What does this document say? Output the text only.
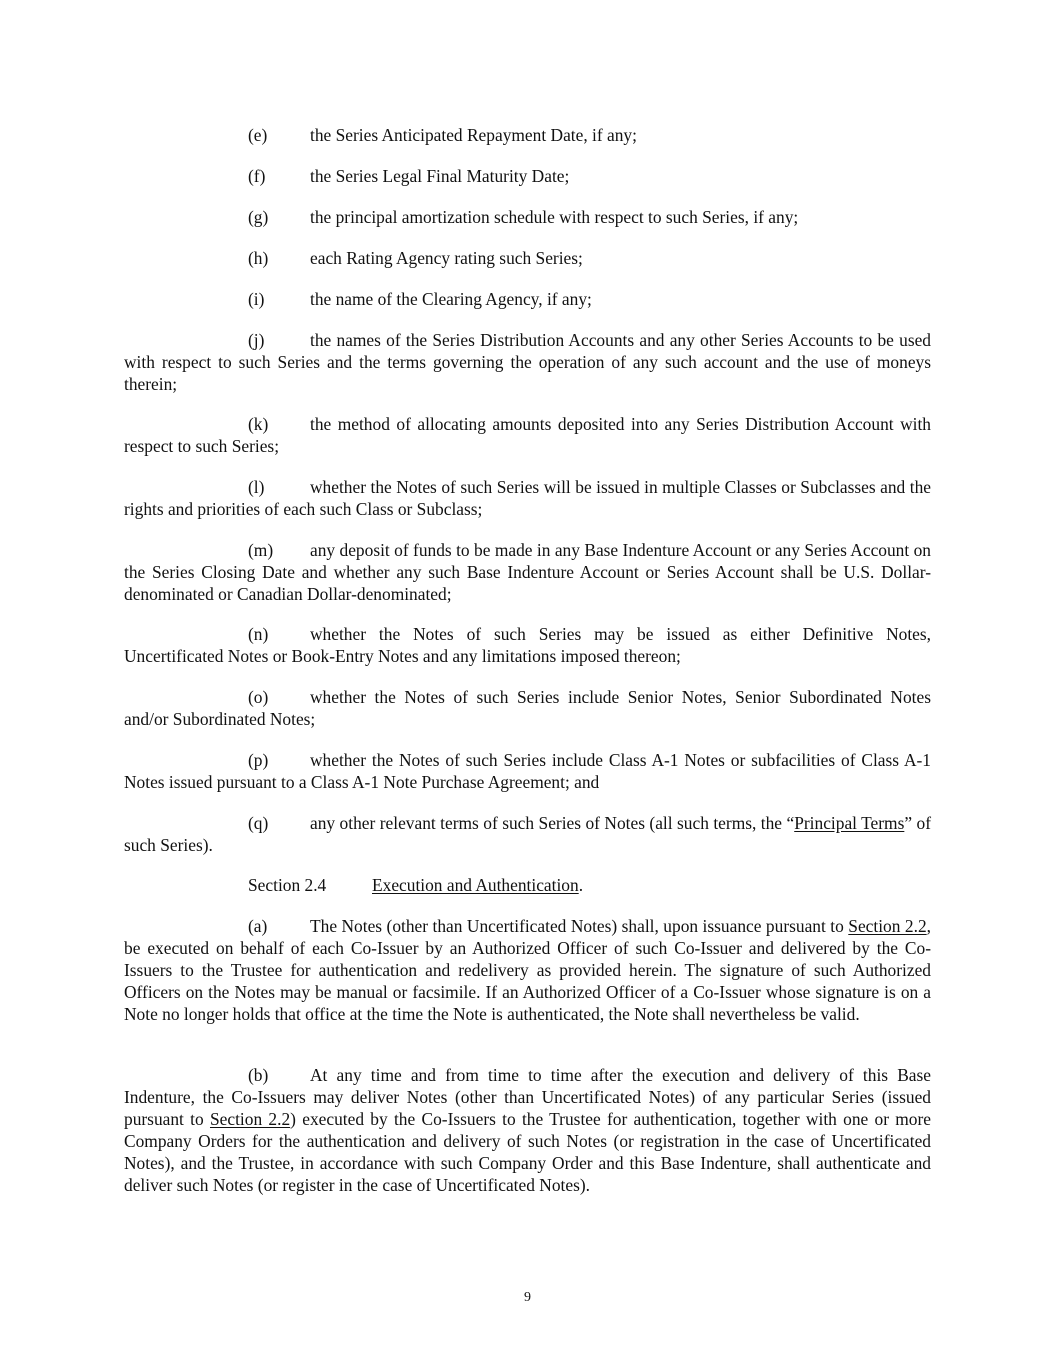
(e) the Series Anticipated Repayment Date, if any;

(f)	the Series Legal Final Maturity Date;

(g) the principal amortization schedule with respect to such Series, if any;

(h) each Rating Agency rating such Series;

(i)	the name of the Clearing Agency, if any;

(j)	the names of the Series Distribution Accounts and any other Series Accounts to be used with respect to such Series and the terms governing the operation of any such account and the use of moneys therein;

(k) the method of allocating amounts deposited into any Series Distribution Account with respect to such Series;

(l)	whether the Notes of such Series will be issued in multiple Classes or Subclasses and the rights and priorities of each such Class or Subclass;

(m) any deposit of funds to be made in any Base Indenture Account or any Series Account on the Series Closing Date and whether any such Base Indenture Account or Series Account shall be U.S. Dollar-denominated or Canadian Dollar-denominated;

(n) whether the Notes of such Series may be issued as either Definitive Notes, Uncertificated Notes or Book-Entry Notes and any limitations imposed thereon;

(o) whether the Notes of such Series include Senior Notes, Senior Subordinated Notes and/or Subordinated Notes;

(p) whether the Notes of such Series include Class A-1 Notes or subfacilities of Class A-1 Notes issued pursuant to a Class A-1 Note Purchase Agreement; and

(q) any other relevant terms of such Series of Notes (all such terms, the “Principal Terms” of such Series).

Section 2.4	Execution and Authentication.

(a) The Notes (other than Uncertificated Notes) shall, upon issuance pursuant to Section 2.2, be executed on behalf of each Co-Issuer by an Authorized Officer of such Co-Issuer and delivered by the Co-Issuers to the Trustee for authentication and redelivery as provided herein. The signature of such Authorized Officers on the Notes may be manual or facsimile. If an Authorized Officer of a Co-Issuer whose signature is on a Note no longer holds that office at the time the Note is authenticated, the Note shall nevertheless be valid.

(b) At any time and from time to time after the execution and delivery of this Base Indenture, the Co-Issuers may deliver Notes (other than Uncertificated Notes) of any particular Series (issued pursuant to Section 2.2) executed by the Co-Issuers to the Trustee for authentication, together with one or more Company Orders for the authentication and delivery of such Notes (or registration in the case of Uncertificated Notes), and the Trustee, in accordance with such Company Order and this Base Indenture, shall authenticate and deliver such Notes (or register in the case of Uncertificated Notes).

9
